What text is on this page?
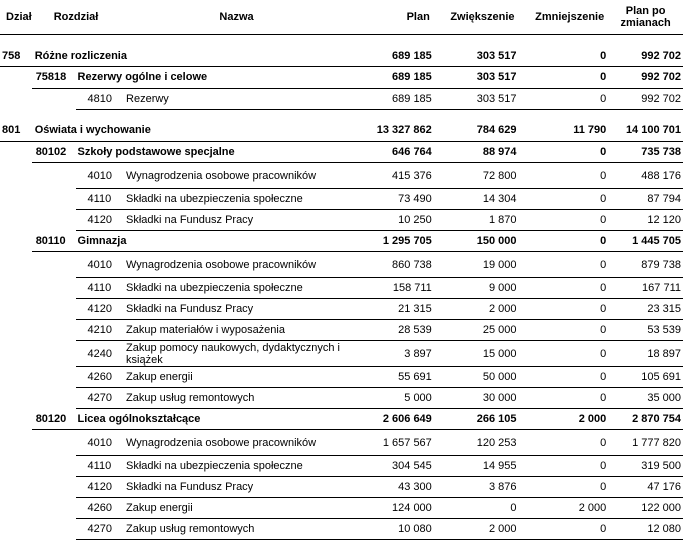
Dział	Rozdział		Nazwa	Plan	Zwiększenie	Zmniejszenie	Plan po zmianach

758	Różne rozliczenia			689 185	303 517	0	992 702
	75818	Rezerwy ogólne i celowe		689 185	303 517	0	992 702
		4810	Rezerwy	689 185	303 517	0	992 702

801	Oświata i wychowanie			13 327 862	784 629	11 790	14 100 701
	80102	Szkoły podstawowe specjalne		646 764	88 974	0	735 738
		4010	Wynagrodzenia osobowe pracowników	415 376	72 800	0	488 176
		4110	Składki na ubezpieczenia społeczne	73 490	14 304	0	87 794
		4120	Składki na Fundusz Pracy	10 250	1 870	0	12 120
	80110	Gimnazja		1 295 705	150 000	0	1 445 705
		4010	Wynagrodzenia osobowe pracowników	860 738	19 000	0	879 738
		4110	Składki na ubezpieczenia społeczne	158 711	9 000	0	167 711
		4120	Składki na Fundusz Pracy	21 315	2 000	0	23 315
		4210	Zakup materiałów i wyposażenia	28 539	25 000	0	53 539
		4240	Zakup pomocy naukowych, dydaktycznych i książek	3 897	15 000	0	18 897
		4260	Zakup energii	55 691	50 000	0	105 691
		4270	Zakup usług remontowych	5 000	30 000	0	35 000
	80120	Licea ogólnokształcące		2 606 649	266 105	2 000	2 870 754
		4010	Wynagrodzenia osobowe pracowników	1 657 567	120 253	0	1 777 820
		4110	Składki na ubezpieczenia społeczne	304 545	14 955	0	319 500
		4120	Składki na Fundusz Pracy	43 300	3 876	0	47 176
		4260	Zakup energii	124 000	0	2 000	122 000
		4270	Zakup usług remontowych	10 080	2 000	0	12 080
